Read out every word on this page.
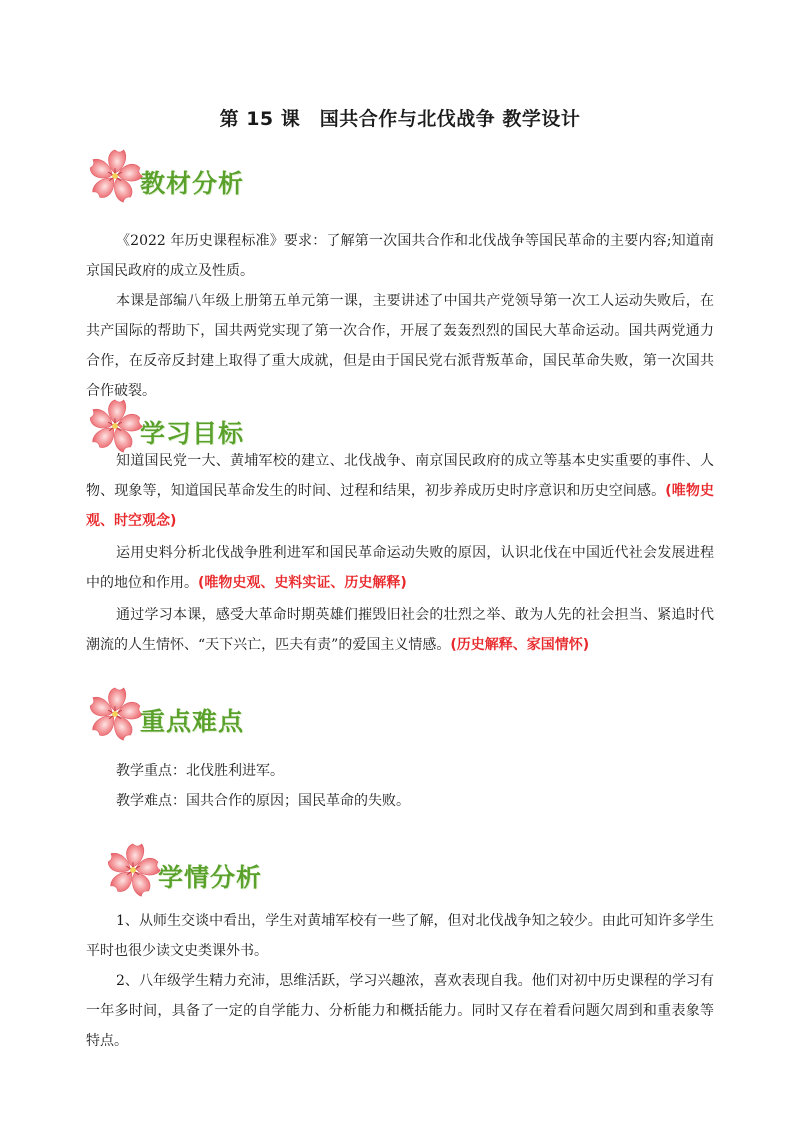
第 15 课　国共合作与北伐战争 教学设计
教材分析

《2022 年历史课程标准》要求：了解第一次国共合作和北伐战争等国民革命的主要内容;知道南京国民政府的成立及性质。

本课是部编八年级上册第五单元第一课，主要讲述了中国共产党领导第一次工人运动失败后，在共产国际的帮助下，国共两党实现了第一次合作，开展了轰轰烈烈的国民大革命运动。国共两党通力合作，在反帝反封建上取得了重大成就，但是由于国民党右派背叛革命，国民革命失败，第一次国共合作破裂。

学习目标

知道国民党一大、黄埔军校的建立、北伐战争、南京国民政府的成立等基本史实重要的事件、人物、现象等，知道国民革命发生的时间、过程和结果，初步养成历史时序意识和历史空间感。(唯物史观、时空观念)

运用史料分析北伐战争胜利进军和国民革命运动失败的原因，认识北伐在中国近代社会发展进程中的地位和作用。(唯物史观、史料实证、历史解释)

通过学习本课，感受大革命时期英雄们摧毁旧社会的壮烈之举、敢为人先的社会担当、紧追时代潮流的人生情怀、“天下兴亡，匹夫有责”的爱国主义情感。(历史解释、家国情怀)

重点难点

教学重点：北伐胜利进军。

教学难点：国共合作的原因；国民革命的失败。

学情分析

1、从师生交谈中看出，学生对黄埔军校有一些了解，但对北伐战争知之较少。由此可知许多学生平时也很少读文史类课外书。

2、八年级学生精力充沛，思维活跃，学习兴趣浓，喜欢表现自我。他们对初中历史课程的学习有一年多时间，具备了一定的自学能力、分析能力和概括能力。同时又存在着看问题欠周到和重表象等特点。
